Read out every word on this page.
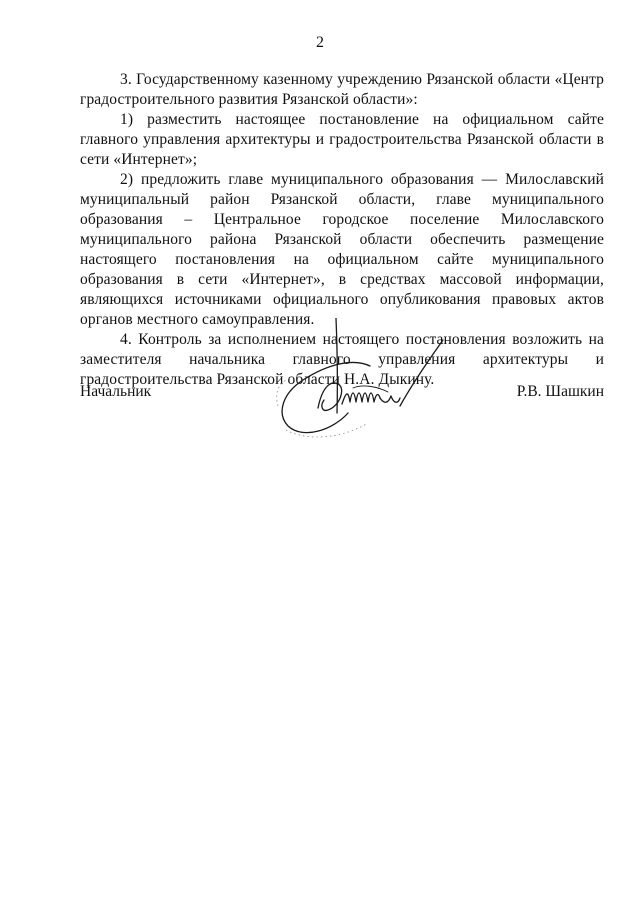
2

3. Государственному казенному учреждению Рязанской области «Центр градостроительного развития Рязанской области»:

1) разместить настоящее постановление на официальном сайте главного управления архитектуры и градостроительства Рязанской области в сети «Интернет»;

2) предложить главе муниципального образования — Милославский муниципальный район Рязанской области, главе муниципального образования – Центральное городское поселение Милославского муниципального района Рязанской области обеспечить размещение настоящего постановления на официальном сайте муниципального образования в сети «Интернет», в средствах массовой информации, являющихся источниками официального опубликования правовых актов органов местного самоуправления.

4. Контроль за исполнением настоящего постановления возложить на заместителя начальника главного управления архитектуры и градостроительства Рязанской области Н.А. Дыкину.

Начальник	Р.В. Шашкин
